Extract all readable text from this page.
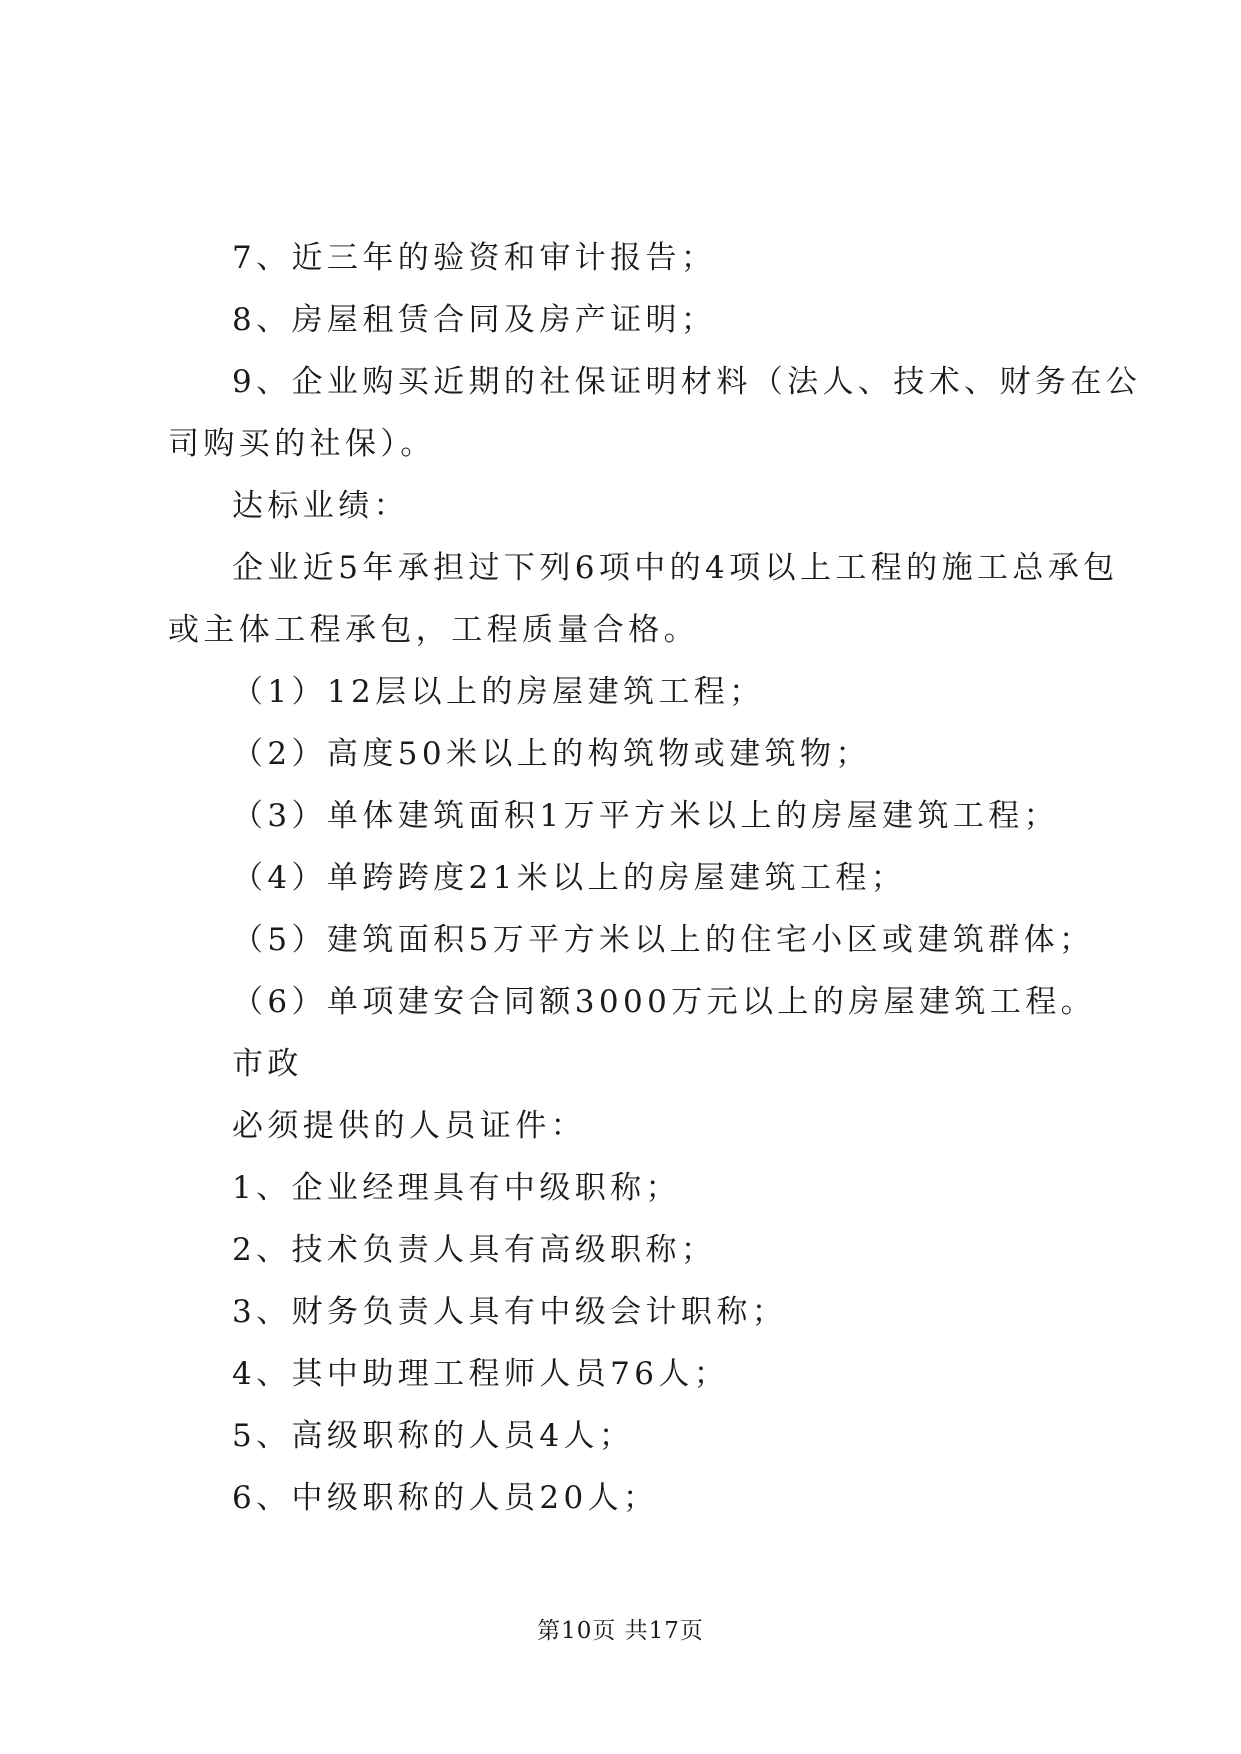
7、近三年的验资和审计报告；
8、房屋租赁合同及房产证明；
9、企业购买近期的社保证明材料（法人、技术、财务在公
司购买的社保）。
达标业绩：
企业近5年承担过下列6项中的4项以上工程的施工总承包
或主体工程承包，工程质量合格。
（1）12层以上的房屋建筑工程；
（2）高度50米以上的构筑物或建筑物；
（3）单体建筑面积1万平方米以上的房屋建筑工程；
（4）单跨跨度21米以上的房屋建筑工程；
（5）建筑面积5万平方米以上的住宅小区或建筑群体；
（6）单项建安合同额3000万元以上的房屋建筑工程。
市政
必须提供的人员证件：
1、企业经理具有中级职称；
2、技术负责人具有高级职称；
3、财务负责人具有中级会计职称；
4、其中助理工程师人员76人；
5、高级职称的人员4人；
6、中级职称的人员20人；
第10页 共17页
